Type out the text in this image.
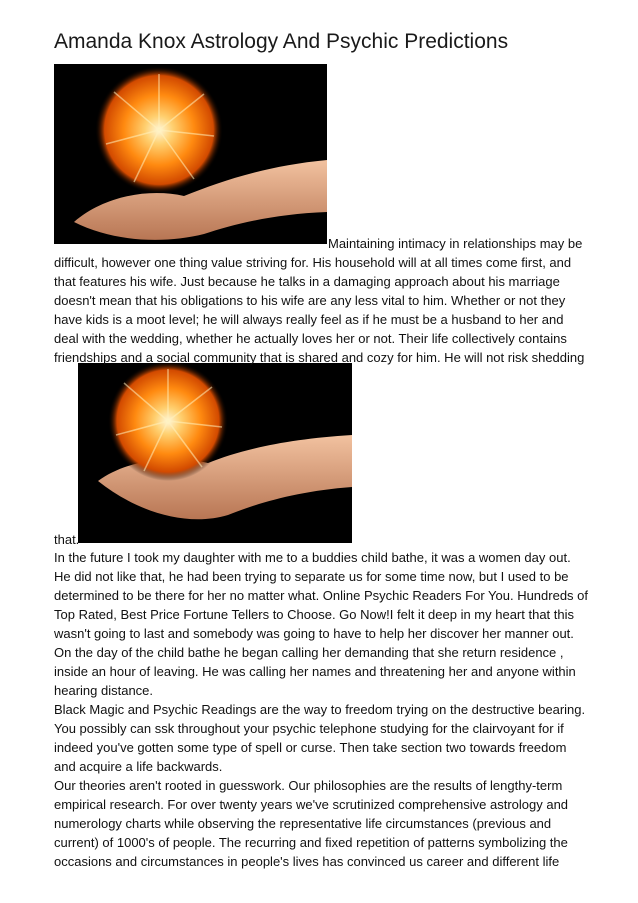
Amanda Knox Astrology And Psychic Predictions
Maintaining intimacy in relationships may be
difficult, however one thing value striving for. His household will at all times come first, and
that features his wife. Just because he talks in a damaging approach about his marriage
doesn't mean that his obligations to his wife are any less vital to him. Whether or not they
have kids is a moot level; he will always really feel as if he must be a husband to her and
deal with the wedding, whether he actually loves her or not. Their life collectively contains
friendships and a social community that is shared and cozy for him. He will not risk shedding
that.
In the future I took my daughter with me to a buddies child bathe, it was a women day out.
He did not like that, he had been trying to separate us for some time now, but I used to be
determined to be there for her no matter what. Online Psychic Readers For You. Hundreds of
Top Rated, Best Price Fortune Tellers to Choose. Go Now!I felt it deep in my heart that this
wasn't going to last and somebody was going to have to help her discover her manner out.
On the day of the child bathe he began calling her demanding that she return residence ,
inside an hour of leaving. He was calling her names and threatening her and anyone within
hearing distance.
Black Magic and Psychic Readings are the way to freedom trying on the destructive bearing.
You possibly can ssk throughout your psychic telephone studying for the clairvoyant for if
indeed you've gotten some type of spell or curse. Then take section two towards freedom
and acquire a life backwards.
Our theories aren't rooted in guesswork. Our philosophies are the results of lengthy-term
empirical research. For over twenty years we've scrutinized comprehensive astrology and
numerology charts while observing the representative life circumstances (previous and
current) of 1000's of people. The recurring and fixed repetition of patterns symbolizing the
occasions and circumstances in people's lives has convinced us career and different life
